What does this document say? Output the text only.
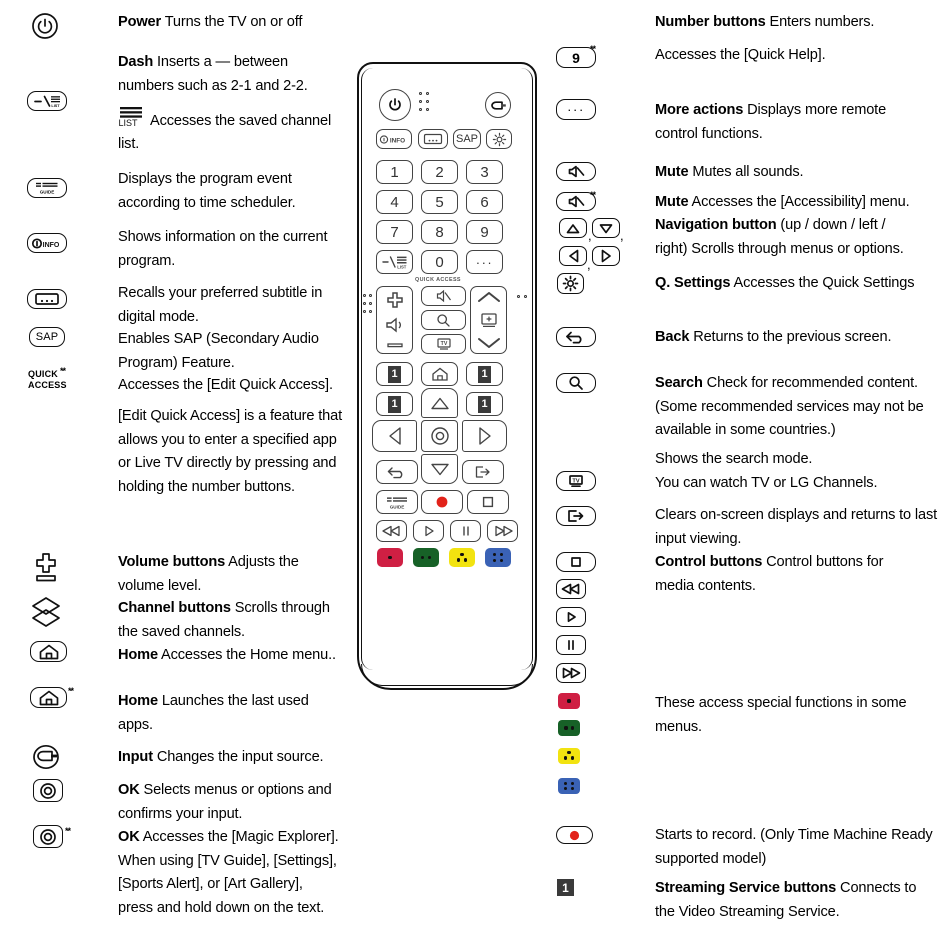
LIST
LIST
GUIDE
INFO
SAP
QUICK **
ACCESS
**
**
Power Turns the TV on or off
Dash Inserts a — between
numbers such as 2-1 and 2-2.
Accesses the saved channel
list.
Displays the program event
according to time scheduler.
Shows information on the current
program.
Recalls your preferred subtitle in
digital mode.
Enables SAP (Secondary Audio
Program) Feature.
Accesses the [Edit Quick Access].
[Edit Quick Access] is a feature that
allows you to enter a specified app
or Live TV directly by pressing and
holding the number buttons.
Volume buttons Adjusts the
volume level.
Channel buttons Scrolls through
the saved channels.
Home Accesses the Home menu..
Home Launches the last used
apps.
Input Changes the input source.
OK Selects menus or options and
confirms your input.
OK Accesses the [Magic Explorer].
When using [TV Guide], [Settings],
[Sports Alert], or [Art Gallery],
press and hold down on the text.
INFO	SAP
1 2 3
4 5 6
7 8 9
LIST 0 ···
QUICK ACCESS
TV
1	1
1	1
GUIDE
9
**
···
**
, ,
,
TV
1
Number buttons Enters numbers.
Accesses the [Quick Help].
More actions Displays more remote
control functions.
Mute Mutes all sounds.
Mute Accesses the [Accessibility] menu.
Navigation button (up / down / left /
right) Scrolls through menus or options.
Q. Settings Accesses the Quick Settings
Back Returns to the previous screen.
Search Check for recommended content.
(Some recommended services may not be
available in some countries.)
Shows the search mode.
You can watch TV or LG Channels.
Clears on-screen displays and returns to last
input viewing.
Control buttons Control buttons for
media contents.
These access special functions in some
menus.
Starts to record. (Only Time Machine Ready
supported model)
Streaming Service buttons Connects to
the Video Streaming Service.
